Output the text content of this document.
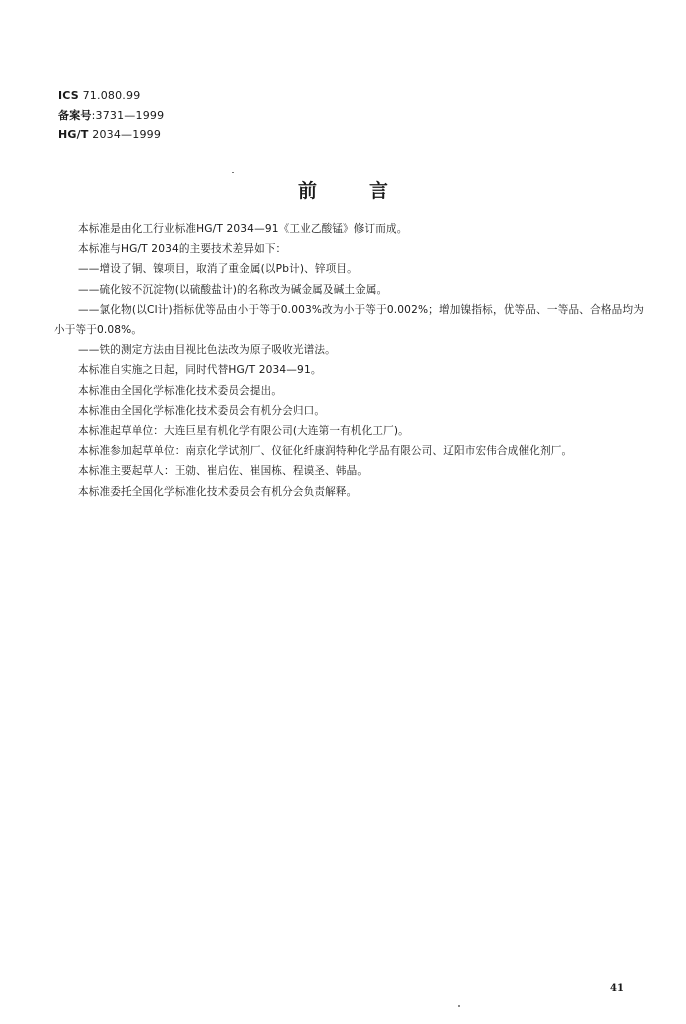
ICS 71.080.99
备案号:3731—1999
HG/T 2034—1999
前	言

本标准是由化工行业标准HG/T 2034—91《工业乙酸锰》修订而成。

本标准与HG/T 2034的主要技术差异如下：

——增设了铜、镍项目，取消了重金属(以Pb计)、锌项目。

——硫化铵不沉淀物(以硫酸盐计)的名称改为碱金属及碱土金属。

——氯化物(以Cl计)指标优等品由小于等于0.003%改为小于等于0.002%；增加镍指标，优等品、一等品、合格品均为小于等于0.08%。

——铁的测定方法由目视比色法改为原子吸收光谱法。

本标准自实施之日起，同时代替HG/T 2034—91。

本标准由全国化学标准化技术委员会提出。

本标准由全国化学标准化技术委员会有机分会归口。

本标准起草单位：大连巨星有机化学有限公司(大连第一有机化工厂)。

本标准参加起草单位：南京化学试剂厂、仪征化纤康润特种化学品有限公司、辽阳市宏伟合成催化剂厂。

本标准主要起草人：王勍、崔启佐、崔国栋、程谟圣、韩晶。

本标准委托全国化学标准化技术委员会有机分会负责解释。

41
